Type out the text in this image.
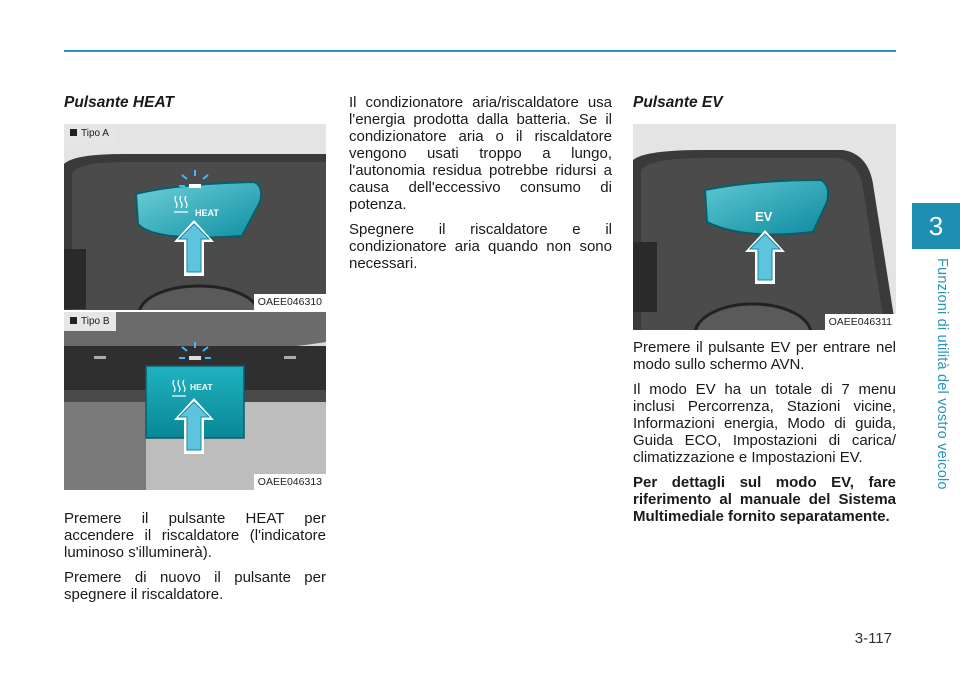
3
Funzioni di utilità del vostro veicolo
3-117
Pulsante HEAT
HEAT
Tipo A
OAEE046310
HEAT
Tipo B
OAEE046313

Premere il pulsante HEAT per accendere il riscaldatore (l'indicatore luminoso s'illuminerà).

Premere di nuovo il pulsante per spegnere il riscaldatore.

Il condizionatore aria/riscaldatore usa l'energia prodotta dalla batteria. Se il condizionatore aria o il riscaldatore vengono usati troppo a lungo, l'autonomia residua potrebbe ridursi a causa dell'eccessivo consumo di potenza.

Spegnere il riscaldatore e il condizionatore aria quando non sono necessari.

Pulsante EV
EV
OAEE046311

Premere il pulsante EV per entrare nel modo sullo schermo AVN.

Il modo EV ha un totale di 7 menu inclusi Percorrenza, Stazioni vicine, Informazioni energia, Modo di guida, Guida ECO, Impostazioni di carica/ climatizzazione e Impostazioni EV.

Per dettagli sul modo EV, fare riferimento al manuale del Sistema Multimediale fornito separatamente.
